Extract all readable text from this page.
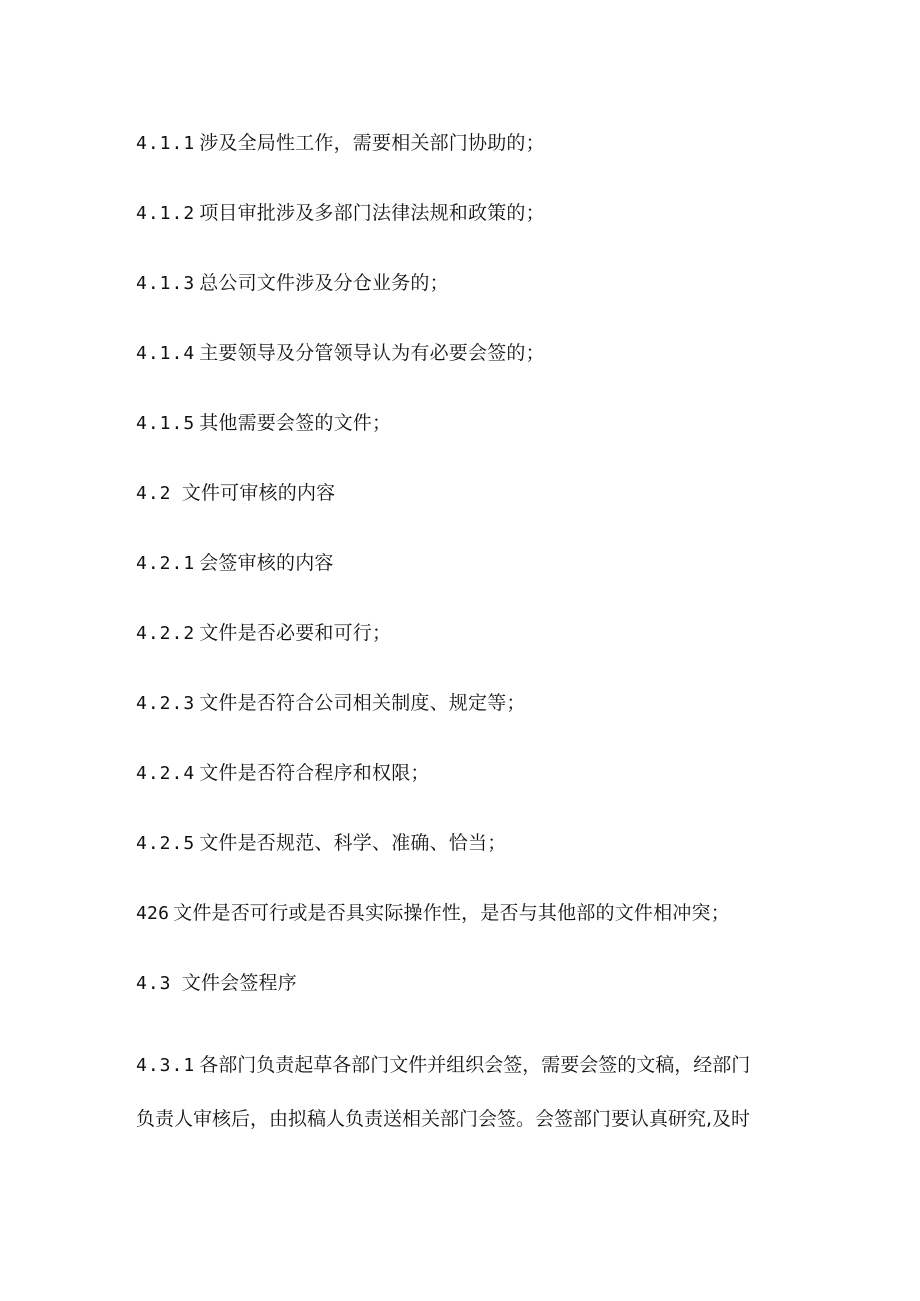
4.1.1 涉及全局性工作，需要相关部门协助的；
4.1.2 项目审批涉及多部门法律法规和政策的；
4.1.3 总公司文件涉及分仓业务的；
4.1.4 主要领导及分管领导认为有必要会签的；
4.1.5 其他需要会签的文件；
4.2 文件可审核的内容
4.2.1 会签审核的内容
4.2.2 文件是否必要和可行；
4.2.3 文件是否符合公司相关制度、规定等；
4.2.4 文件是否符合程序和权限；
4.2.5 文件是否规范、科学、准确、恰当；
426 文件是否可行或是否具实际操作性，是否与其他部的文件相冲突；
4.3 文件会签程序
4.3.1 各部门负责起草各部门文件并组织会签，需要会签的文稿，经部门
负责人审核后，由拟稿人负责送相关部门会签。会签部门要认真研究,及时
